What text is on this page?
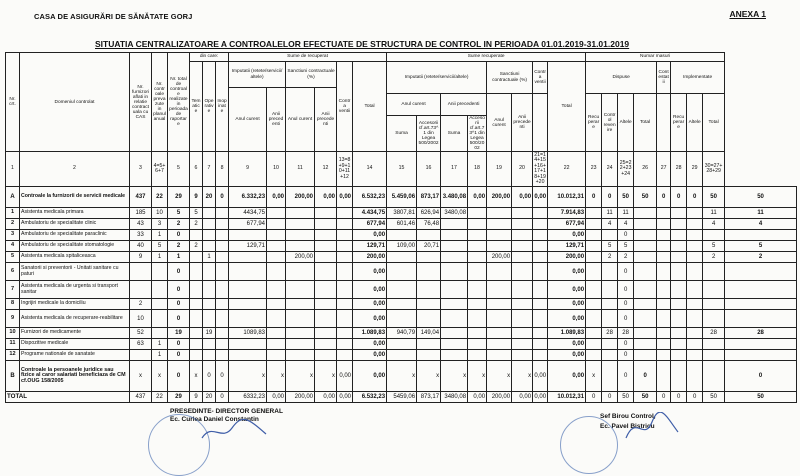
CASA DE ASIGURĂRI DE SĂNĂTATE GORJ	ANEXA 1
SITUATIA CENTRALIZATOARE A CONTROALELOR EFECTUATE DE STRUCTURA DE CONTROL IN PERIOADA 01.01.2019-31.01.2019
Nr. crt.	Domeniul controlat	Nr. furnizori aflati in relatie contractuala cu CAS	Nr. controale prevazute in planul anual	Nr. total de controale realizate in perioada de raportare	din care:			Sume de recuperat						Sume recuperate								Numar masuri								
					Tematice	Operative	Inopinate	Imputatii (retete/servicii/ altele)		Sanctiuni contractuale (%)		Contra ventii	Total	Imputatii (retete/servicii/altele)				Sanctiuni contractuale (%)		Contra ventii	Total	Dispuse				Contestatii	Implementate			
								Anul curent	Anii precedenti	Anul curent	Anii precedenti																			
														Anul curent		Anii precedenti		Anul curent	Anii precedenti			Recuperare	Control revenire	Altele	Total		Recuperare	Altele	Total	
														Suma	Accesorii cf.art.73^1 din Legea 500/2002	Suma	Accesorii cf.art.73^1 din Legea 500/2002													
1	2	3	4=5+6+7	5	6	7	8	9	10	11	12	13=8+9+10+11+12	14	15	16	17	18	19	20	21=14+15+16+17+18+19+20	22	23	24	25=22+23+24	26	27	28	29	30=27+28+29	
A	Controale la furnizorii de servicii medicale	437	22	29	9	20	0	6.332,23	0,00	200,00	0,00	0,00	6.532,23	5.459,06	873,17	3.480,08	0,00	200,00	0,00	0,00	10.012,31	0	0	50	50	0	0	0	50	50
1	Asistenta medicala primara	185	10	5	5			4434,75					4.434,75	3807,81	626,94	3480,08					7.914,83		11	11					11	11
2	Ambulatoriu de specialitate clinic	43	3	2	2			677,94					677,94	601,46	76,48						677,94		4	4					4	4
3	Ambulatoriu de specialitate paraclinic	33	1	0									0,00								0,00			0						
4	Ambulatoriu de specialitate stomatologie	40	5	2	2			129,71					129,71	109,00	20,71						129,71		5	5					5	5
5	Asistenta medicala spitaliceasca	9	1	1		1				200,00			200,00					200,00			200,00		2	2					2	2
6	Sanatorii si preventorii - Unitati sanitare cu paturi			0									0,00								0,00			0						
7	Asistenta medicala de urgenta si transport sanitar			0									0,00								0,00			0						
8	Ingrijiri medicale la domiciliu	2		0									0,00								0,00			0						
9	Asistenta medicala de recuperare-reabilitare	10		0									0,00								0,00			0						
10	Furnizori de medicamente	52		19		19		1089,83					1.089,83	940,79	149,04						1.089,83		28	28					28	28
11	Dispozitive medicale	63	1	0									0,00								0,00			0						
12	Programe nationale de sanatate		1	0									0,00								0,00			0						
B	Controale la persoanele juridice sau fizice al caror salariati beneficiaza de CM cf.OUG 158/2005	x	x	0	x	0	0	x	x	x	x	0,00	0,00	x	x	x	x	x	x	0,00	0,00	x		0	0					0
TOTAL		437	22	29	9	20	0	6332,23	0,00	200,00	0,00	0,00	6.532,23	5459,06	873,17	3480,08	0,00	200,00	0,00	0,00	10.012,31	0	0	50	50	0	0	0	50	50
PRESEDINTE- DIRECTOR GENERAL
Ec. Curlea Daniel Constantin	Sef Birou Control,
Ec. Pavel Bistricu
